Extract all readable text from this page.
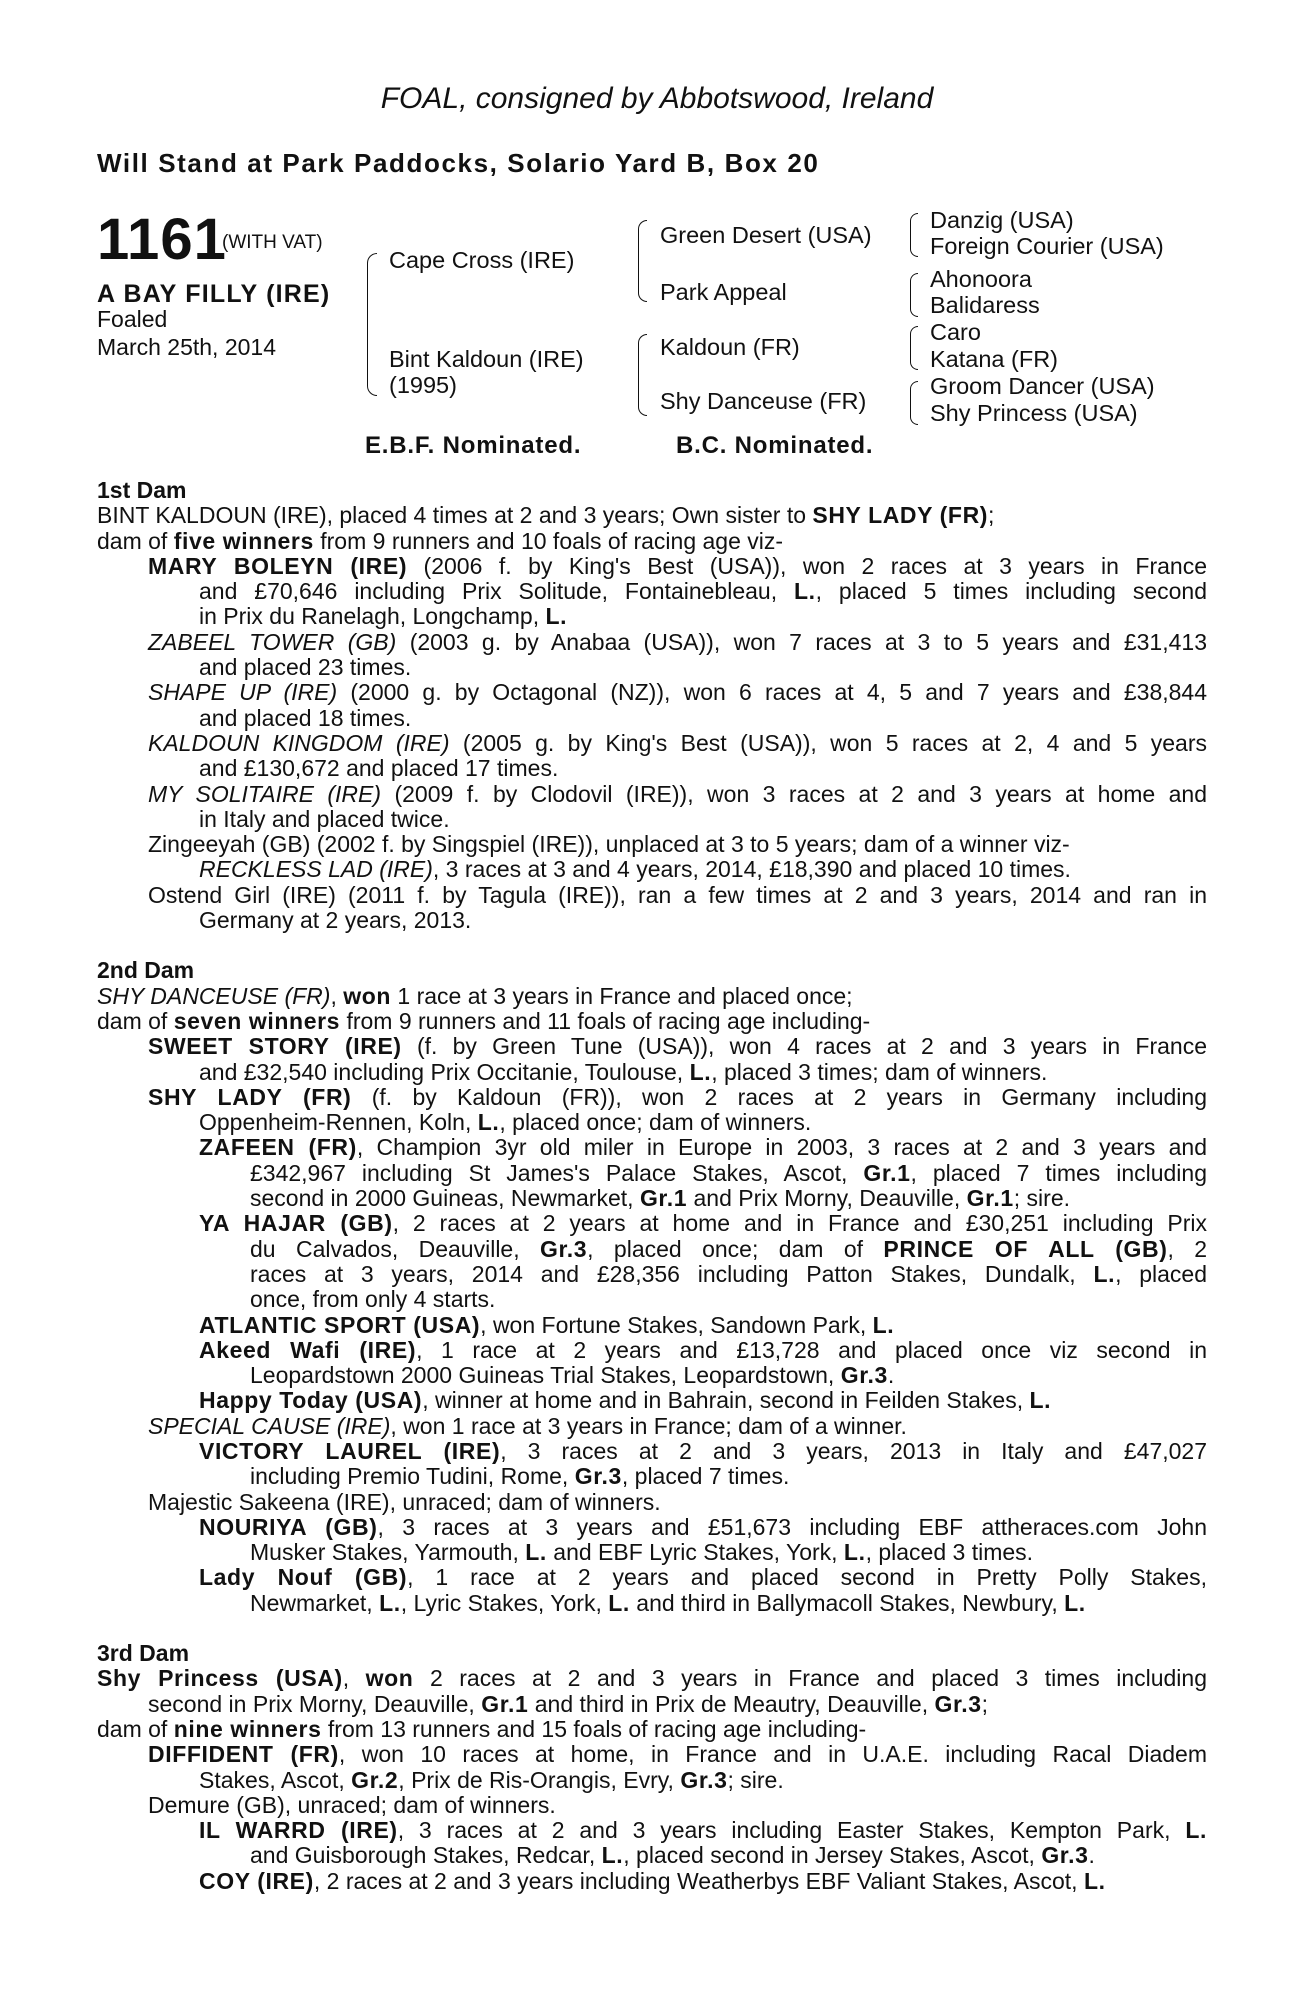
FOAL, consigned by Abbotswood, Ireland
Will Stand at Park Paddocks, Solario Yard B, Box 20
1161
(WITH VAT)
A BAY FILLY (IRE)
Foaled
March 25th, 2014
Cape Cross (IRE)
Bint Kaldoun (IRE)
(1995)
Green Desert (USA)
Park Appeal
Kaldoun (FR)
Shy Danceuse (FR)
Danzig (USA)
Foreign Courier (USA)
Ahonoora
Balidaress
Caro
Katana (FR)
Groom Dancer (USA)
Shy Princess (USA)
E.B.F. Nominated.	B.C. Nominated.
1st Dam
BINT KALDOUN (IRE), placed 4 times at 2 and 3 years; Own sister to SHY LADY (FR);
dam of five winners from 9 runners and 10 foals of racing age viz-
MARY BOLEYN (IRE) (2006 f. by King's Best (USA)), won 2 races at 3 years in France
and £70,646 including Prix Solitude, Fontainebleau, L., placed 5 times including second
in Prix du Ranelagh, Longchamp, L.
ZABEEL TOWER (GB) (2003 g. by Anabaa (USA)), won 7 races at 3 to 5 years and £31,413
and placed 23 times.
SHAPE UP (IRE) (2000 g. by Octagonal (NZ)), won 6 races at 4, 5 and 7 years and £38,844
and placed 18 times.
KALDOUN KINGDOM (IRE) (2005 g. by King's Best (USA)), won 5 races at 2, 4 and 5 years
and £130,672 and placed 17 times.
MY SOLITAIRE (IRE) (2009 f. by Clodovil (IRE)), won 3 races at 2 and 3 years at home and
in Italy and placed twice.
Zingeeyah (GB) (2002 f. by Singspiel (IRE)), unplaced at 3 to 5 years; dam of a winner viz-
RECKLESS LAD (IRE), 3 races at 3 and 4 years, 2014, £18,390 and placed 10 times.
Ostend Girl (IRE) (2011 f. by Tagula (IRE)), ran a few times at 2 and 3 years, 2014 and ran in
Germany at 2 years, 2013.
2nd Dam
SHY DANCEUSE (FR), won 1 race at 3 years in France and placed once;
dam of seven winners from 9 runners and 11 foals of racing age including-
SWEET STORY (IRE) (f. by Green Tune (USA)), won 4 races at 2 and 3 years in France
and £32,540 including Prix Occitanie, Toulouse, L., placed 3 times; dam of winners.
SHY LADY (FR) (f. by Kaldoun (FR)), won 2 races at 2 years in Germany including
Oppenheim-Rennen, Koln, L., placed once; dam of winners.
ZAFEEN (FR), Champion 3yr old miler in Europe in 2003, 3 races at 2 and 3 years and
£342,967 including St James's Palace Stakes, Ascot, Gr.1, placed 7 times including
second in 2000 Guineas, Newmarket, Gr.1 and Prix Morny, Deauville, Gr.1; sire.
YA HAJAR (GB), 2 races at 2 years at home and in France and £30,251 including Prix
du Calvados, Deauville, Gr.3, placed once; dam of PRINCE OF ALL (GB), 2
races at 3 years, 2014 and £28,356 including Patton Stakes, Dundalk, L., placed
once, from only 4 starts.
ATLANTIC SPORT (USA), won Fortune Stakes, Sandown Park, L.
Akeed Wafi (IRE), 1 race at 2 years and £13,728 and placed once viz second in
Leopardstown 2000 Guineas Trial Stakes, Leopardstown, Gr.3.
Happy Today (USA), winner at home and in Bahrain, second in Feilden Stakes, L.
SPECIAL CAUSE (IRE), won 1 race at 3 years in France; dam of a winner.
VICTORY LAUREL (IRE), 3 races at 2 and 3 years, 2013 in Italy and £47,027
including Premio Tudini, Rome, Gr.3, placed 7 times.
Majestic Sakeena (IRE), unraced; dam of winners.
NOURIYA (GB), 3 races at 3 years and £51,673 including EBF attheraces.com John
Musker Stakes, Yarmouth, L. and EBF Lyric Stakes, York, L., placed 3 times.
Lady Nouf (GB), 1 race at 2 years and placed second in Pretty Polly Stakes,
Newmarket, L., Lyric Stakes, York, L. and third in Ballymacoll Stakes, Newbury, L.
3rd Dam
Shy Princess (USA), won 2 races at 2 and 3 years in France and placed 3 times including
second in Prix Morny, Deauville, Gr.1 and third in Prix de Meautry, Deauville, Gr.3;
dam of nine winners from 13 runners and 15 foals of racing age including-
DIFFIDENT (FR), won 10 races at home, in France and in U.A.E. including Racal Diadem
Stakes, Ascot, Gr.2, Prix de Ris-Orangis, Evry, Gr.3; sire.
Demure (GB), unraced; dam of winners.
IL WARRD (IRE), 3 races at 2 and 3 years including Easter Stakes, Kempton Park, L.
and Guisborough Stakes, Redcar, L., placed second in Jersey Stakes, Ascot, Gr.3.
COY (IRE), 2 races at 2 and 3 years including Weatherbys EBF Valiant Stakes, Ascot, L.
